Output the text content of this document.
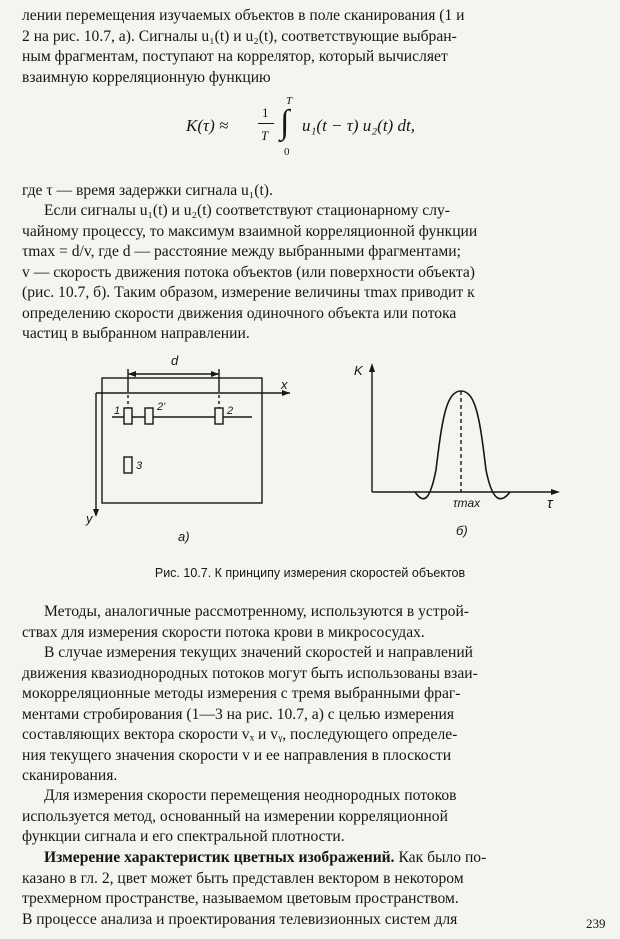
лении перемещения изучаемых объектов в поле сканирования (1 и
2 на рис. 10.7, а). Сигналы u₁(t) и u₂(t), соответствующие выбран-
ным фрагментам, поступают на коррелятор, который вычисляет
взаимную корреляционную функцию
K(τ) ≈
1
T
T
∫
0
u₁(t − τ) u₂(t) dt,
где τ — время задержки сигнала u₁(t).
Если сигналы u₁(t) и u₂(t) соответствуют стационарному слу-
чайному процессу, то максимум взаимной корреляционной функции
τmax = d/v, где d — расстояние между выбранными фрагментами;
v — скорость движения потока объектов (или поверхности объекта)
(рис. 10.7, б). Таким образом, измерение величины τmax приводит к
определению скорости движения одиночного объекта или потока
частиц в выбранном направлении.
d
x
y
1	2'	2
3
а)
K
τ
τmax
б)
Рис. 10.7. К принципу измерения скоростей объектов
Методы, аналогичные рассмотренному, используются в устрой-
ствах для измерения скорости потока крови в микрососудах.
В случае измерения текущих значений скоростей и направлений
движения квазиоднородных потоков могут быть использованы взаи-
мокорреляционные методы измерения с тремя выбранными фраг-
ментами стробирования (1—3 на рис. 10.7, а) с целью измерения
составляющих вектора скорости vₓ и vᵧ, последующего определе-
ния текущего значения скорости v и ее направления в плоскости
сканирования.
Для измерения скорости перемещения неоднородных потоков
используется метод, основанный на измерении корреляционной
функции сигнала и его спектральной плотности.
Измерение характеристик цветных изображений. Как было по-
казано в гл. 2, цвет может быть представлен вектором в некотором
трехмерном пространстве, называемом цветовым пространством.
В процессе анализа и проектирования телевизионных систем для	239
